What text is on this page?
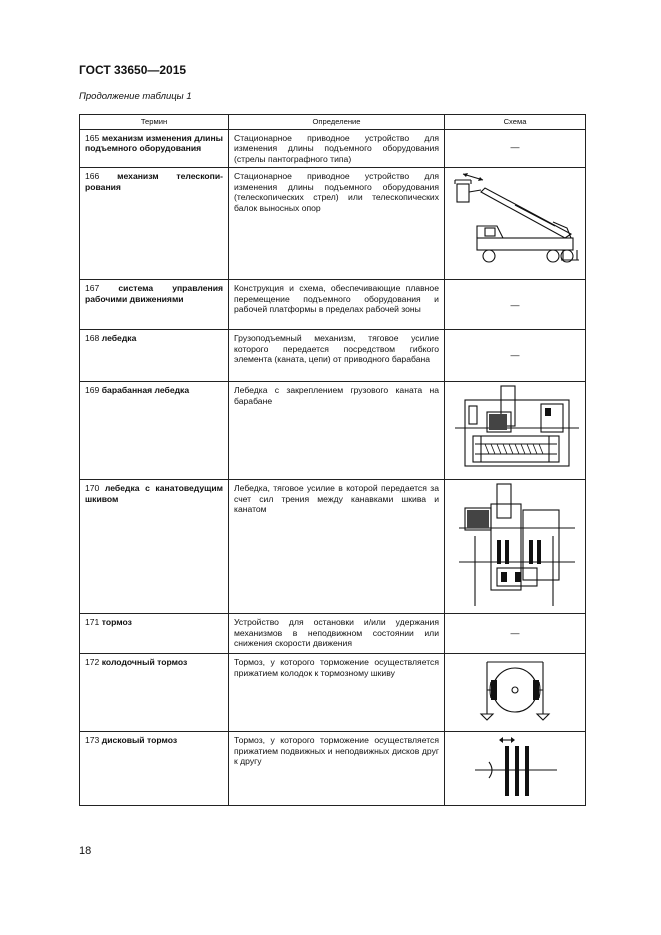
ГОСТ 33650—2015
Продолжение таблицы 1
Термин	Определение	Схема
165 механизм изменения длины подъемного оборудования	Стационарное приводное устройство для изменения длины подъемного оборудования (стрелы пантографного типа)	—

166 механизм телескопирования	Стационарное приводное устройство для изменения длины подъемного оборудования (телескопических стрел) или телескопических балок выносных опор	

167 система управления рабочими движениями	Конструкция и схема, обеспечивающие плавное перемещение подъемного оборудования и рабочей платформы в пределах рабочей зоны	—

168 лебедка	Грузоподъемный механизм, тяговое усилие которого передается посредством гибкого элемента (каната, цепи) от приводного барабана	—

169 барабанная лебедка	Лебедка с закреплением грузового каната на барабане	

170 лебедка с канатоведущим шкивом	Лебедка, тяговое усилие в которой передается за счет сил трения между канавками шкива и канатом	

171 тормоз	Устройство для остановки и/или удержания механизмов в неподвижном состоянии или снижения скорости движения	—

172 колодочный тормоз	Тормоз, у которого торможение осуществляется прижатием колодок к тормозному шкиву	

173 дисковый тормоз	Тормоз, у которого торможение осуществляется прижатием подвижных и неподвижных дисков друг к другу	
18
